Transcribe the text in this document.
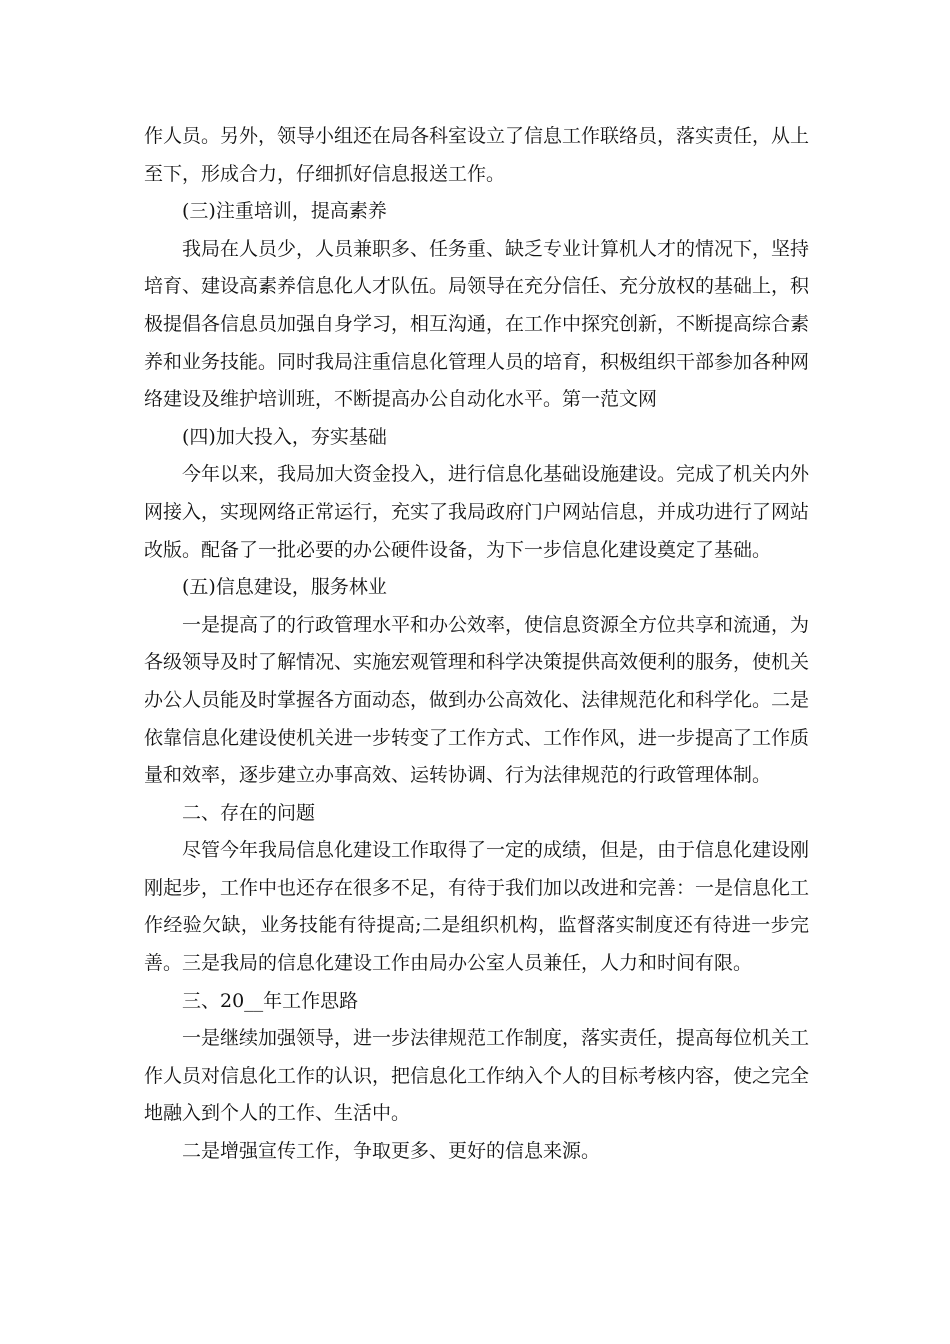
作人员。另外，领导小组还在局各科室设立了信息工作联络员，落实责任，从上至下，形成合力，仔细抓好信息报送工作。

(三)注重培训，提高素养

我局在人员少，人员兼职多、任务重、缺乏专业计算机人才的情况下，坚持培育、建设高素养信息化人才队伍。局领导在充分信任、充分放权的基础上，积极提倡各信息员加强自身学习，相互沟通，在工作中探究创新，不断提高综合素养和业务技能。同时我局注重信息化管理人员的培育，积极组织干部参加各种网络建设及维护培训班，不断提高办公自动化水平。第一范文网

(四)加大投入，夯实基础

今年以来，我局加大资金投入，进行信息化基础设施建设。完成了机关内外网接入，实现网络正常运行，充实了我局政府门户网站信息，并成功进行了网站改版。配备了一批必要的办公硬件设备，为下一步信息化建设奠定了基础。

(五)信息建设，服务林业

一是提高了的行政管理水平和办公效率，使信息资源全方位共享和流通，为各级领导及时了解情况、实施宏观管理和科学决策提供高效便利的服务，使机关办公人员能及时掌握各方面动态，做到办公高效化、法律规范化和科学化。二是依靠信息化建设使机关进一步转变了工作方式、工作作风，进一步提高了工作质量和效率，逐步建立办事高效、运转协调、行为法律规范的行政管理体制。

二、存在的问题

尽管今年我局信息化建设工作取得了一定的成绩，但是，由于信息化建设刚刚起步，工作中也还存在很多不足，有待于我们加以改进和完善：一是信息化工作经验欠缺，业务技能有待提高;二是组织机构，监督落实制度还有待进一步完善。三是我局的信息化建设工作由局办公室人员兼任，人力和时间有限。

三、20__年工作思路

一是继续加强领导，进一步法律规范工作制度，落实责任，提高每位机关工作人员对信息化工作的认识，把信息化工作纳入个人的目标考核内容，使之完全地融入到个人的工作、生活中。

二是增强宣传工作，争取更多、更好的信息来源。
